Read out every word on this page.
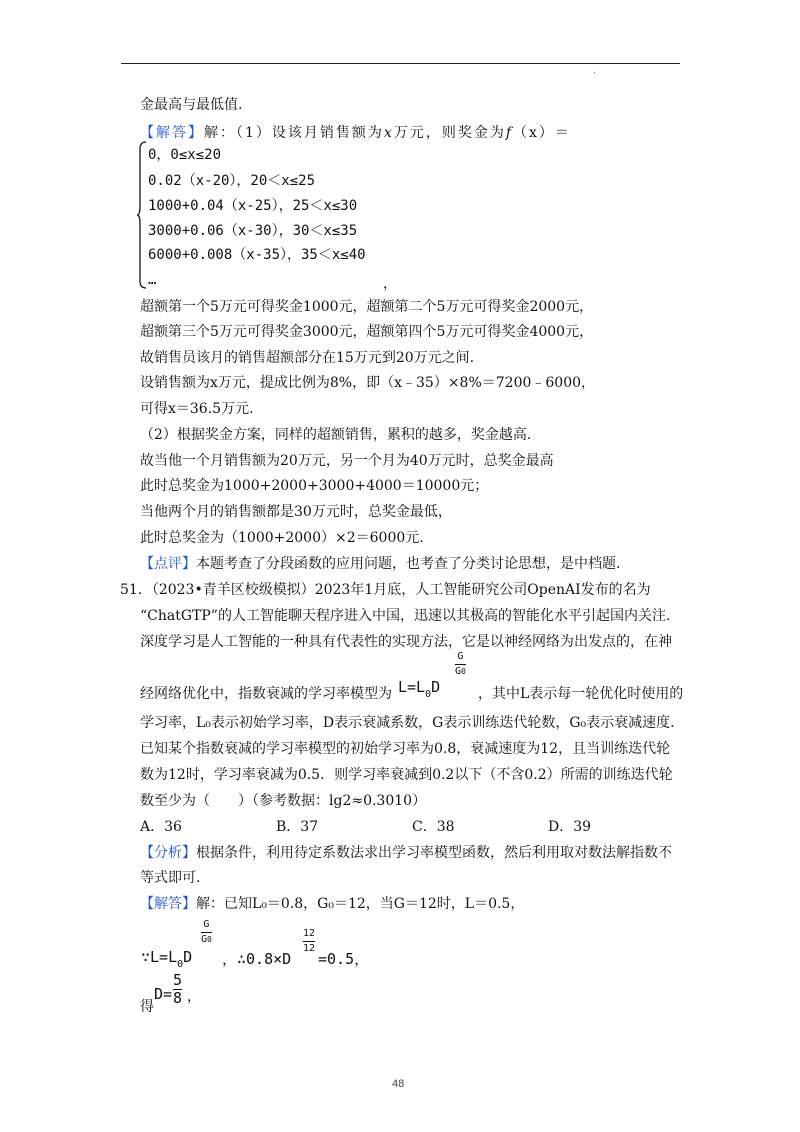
·
金最高与最低值.
【解答】解：（1）设该月销售额为x万元，则奖金为f（x）＝
0，0≤x≤20
0.02（x-20），20＜x≤25
1000+0.04（x-25），25＜x≤30
3000+0.06（x-30），30＜x≤35
6000+0.008（x-35），35＜x≤40
…	，
超额第一个5万元可得奖金1000元，超额第二个5万元可得奖金2000元，
超额第三个5万元可得奖金3000元，超额第四个5万元可得奖金4000元，
故销售员该月的销售超额部分在15万元到20万元之间.
设销售额为x万元，提成比例为8%，即（x﹣35）×8%＝7200﹣6000，
可得x＝36.5万元.
（2）根据奖金方案，同样的超额销售，累积的越多，奖金越高.
故当他一个月销售额为20万元，另一个月为40万元时，总奖金最高
此时总奖金为1000+2000+3000+4000＝10000元；
当他两个月的销售额都是30万元时，总奖金最低，
此时总奖金为（1000+2000）×2＝6000元.
【点评】本题考查了分段函数的应用问题，也考查了分类讨论思想，是中档题.
51．（2023•青羊区校级模拟）2023年1月底，人工智能研究公司OpenAI发布的名为
“ChatGTP”的人工智能聊天程序进入中国，迅速以其极高的智能化水平引起国内关注.
深度学习是人工智能的一种具有代表性的实现方法，它是以神经网络为出发点的，在神
经网络优化中，指数衰减的学习率模型为 $L=L_0D$
$\frac{G}{G0}$
，其中L表示每一轮优化时使用的
学习率，L₀表示初始学习率，D表示衰减系数，G表示训练迭代轮数，G₀表示衰减速度.
已知某个指数衰减的学习率模型的初始学习率为0.8，衰减速度为12，且当训练迭代轮
数为12时，学习率衰减为0.5．则学习率衰减到0.2以下（不含0.2）所需的训练迭代轮
数至少为（　　）（参考数据：lg2≈0.3010）
A．36	B．37	C．38	D．39
【分析】根据条件，利用待定系数法求出学习率模型函数，然后利用取对数法解指数不
等式即可.
【解答】解：已知L₀＝0.8，G₀＝12，当G＝12时，L＝0.5，
$\because L=L_0D$
$\frac{G}{G0}$
，∴0.8×D
$\frac{12}{12}$
=0.5，
得
$D= \frac{5}{8}$ ，
48
